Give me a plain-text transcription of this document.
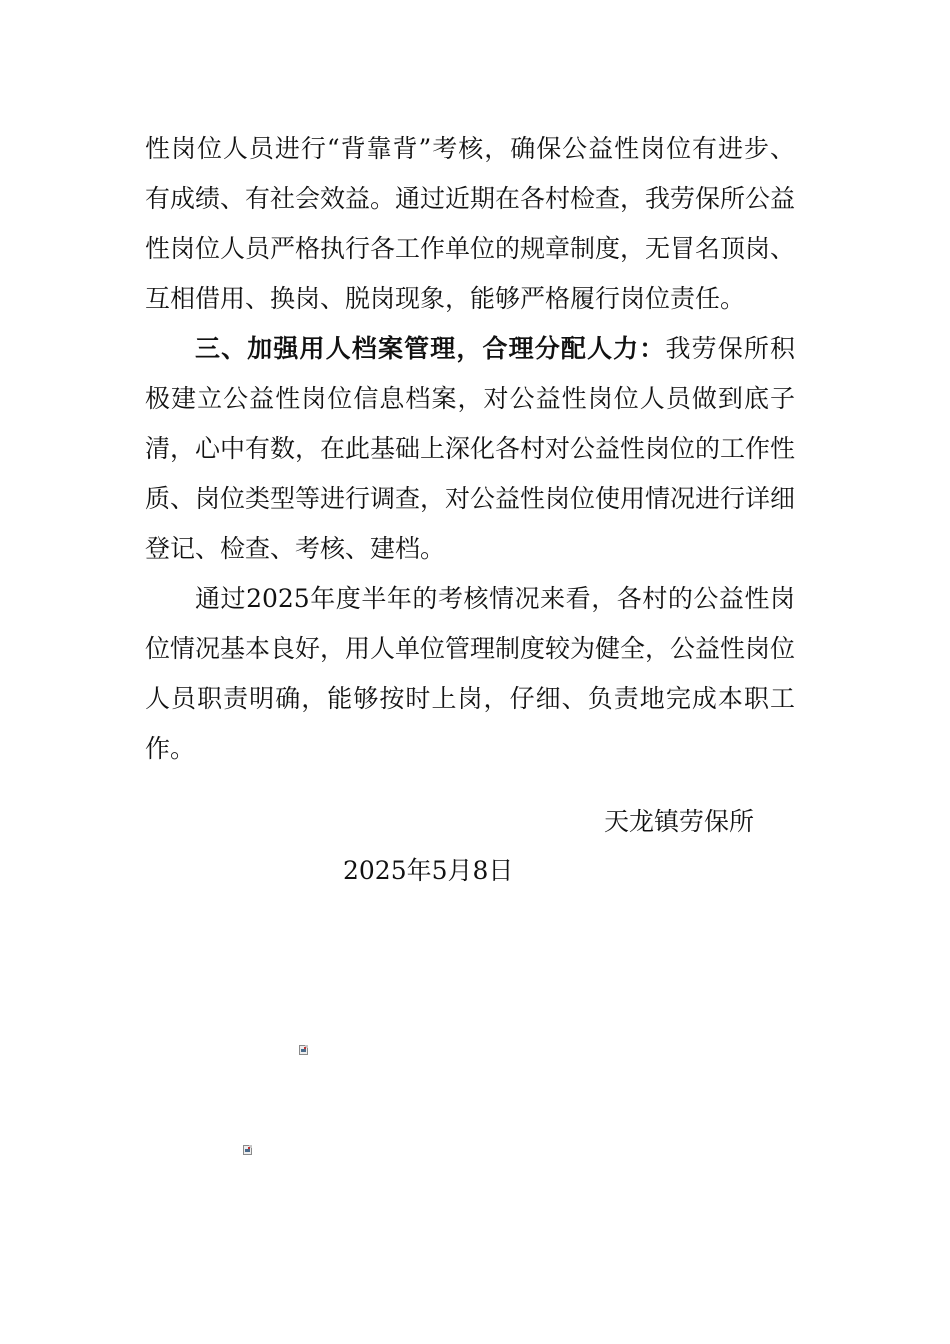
性岗位人员进行“背靠背”考核，确保公益性岗位有进步、有成绩、有社会效益。通过近期在各村检查，我劳保所公益性岗位人员严格执行各工作单位的规章制度，无冒名顶岗、互相借用、换岗、脱岗现象，能够严格履行岗位责任。

三、加强用人档案管理，合理分配人力：我劳保所积极建立公益性岗位信息档案，对公益性岗位人员做到底子清，心中有数，在此基础上深化各村对公益性岗位的工作性质、岗位类型等进行调查，对公益性岗位使用情况进行详细登记、检查、考核、建档。

通过2025年度半年的考核情况来看，各村的公益性岗位情况基本良好，用人单位管理制度较为健全，公益性岗位人员职责明确，能够按时上岗，仔细、负责地完成本职工作。

天龙镇劳保所
2025年5月8日
